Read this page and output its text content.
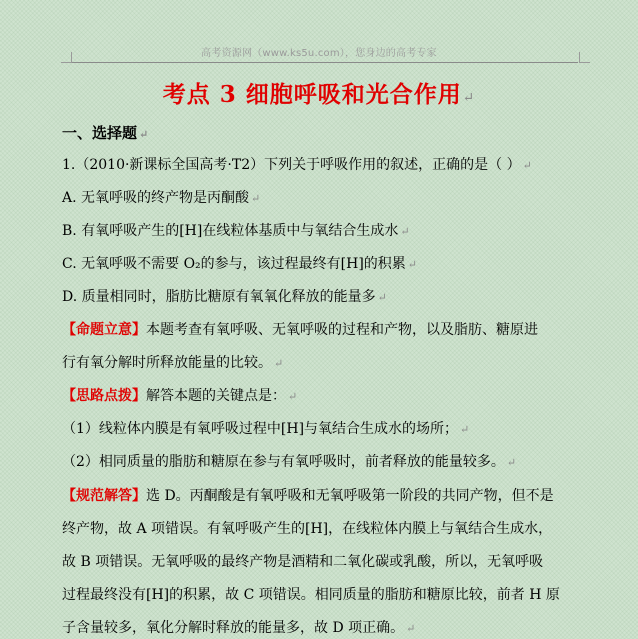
高考资源网（www.ks5u.com），您身边的高考专家
考点 3 细胞呼吸和光合作用↵
一、选择题 ↵
1.（2010·新课标全国高考·T2）下列关于呼吸作用的叙述，正确的是（ ） ↵
A. 无氧呼吸的终产物是丙酮酸 ↵
B. 有氧呼吸产生的[H]在线粒体基质中与氧结合生成水 ↵
C. 无氧呼吸不需要 O₂的参与，该过程最终有[H]的积累 ↵
D. 质量相同时，脂肪比糖原有氧氧化释放的能量多 ↵
【命题立意】本题考查有氧呼吸、无氧呼吸的过程和产物，以及脂肪、糖原进
行有氧分解时所释放能量的比较。 ↵
【思路点拨】解答本题的关键点是： ↵
（1）线粒体内膜是有氧呼吸过程中[H]与氧结合生成水的场所； ↵
（2）相同质量的脂肪和糖原在参与有氧呼吸时，前者释放的能量较多。 ↵
【规范解答】选 D。丙酮酸是有氧呼吸和无氧呼吸第一阶段的共同产物，但不是
终产物，故 A 项错误。有氧呼吸产生的[H]，在线粒体内膜上与氧结合生成水，
故 B 项错误。无氧呼吸的最终产物是酒精和二氧化碳或乳酸，所以，无氧呼吸
过程最终没有[H]的积累，故 C 项错误。相同质量的脂肪和糖原比较，前者 H 原
子含量较多，氧化分解时释放的能量多，故 D 项正确。 ↵
